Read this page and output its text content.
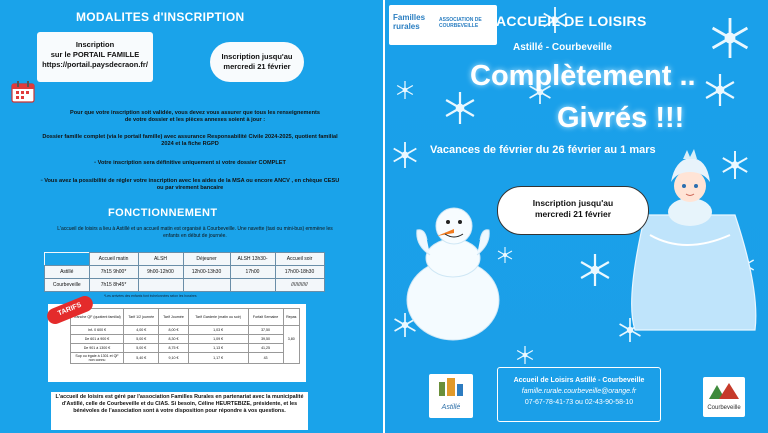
MODALITES d'INSCRIPTION
Inscription
sur le PORTAIL FAMILLE
https://portail.paysdecraon.fr/
Inscription jusqu'au
mercredi 21 février
Pour que votre inscription soit validée, vous devez vous assurer que tous les renseignements de votre dossier et les pièces annexes soient à jour :
Dossier famille complet (via le portail famille) avec assurance Responsabilité Civile 2024-2025, quotient familial 2024 et la fiche RGPD
▫ Votre inscription sera définitive uniquement si votre dossier COMPLET
▫ Vous avez la possibilité de régler votre inscription avec les aides de la MSA ou encore ANCV , en chèque CESU ou par virement bancaire
FONCTIONNEMENT
L'accueil de loisirs a lieu à Astillé et un accueil matin est organisé à Courbeveille. Une navette (taxi ou mini-bus) emmène les enfants en début de journée.
	Accueil matin	ALSH	Déjeuner	ALSH 13h30-	Accueil soir
Astillé	7h15 9h00*	9h00-12h00	12h00-13h30	17h00	17h00-18h30
Courbeveille	7h15 8h45*				////////////
*Les arrivées des enfants font échelonnées selon les horaires
Tranche QF (quotient familial)	Tarif 1/2 journée	Tarif Journée	Tarif Garderie (matin ou soir)	Forfait Semaine	Repas
Inf- 0 600 €	4,00 €	8,00 €	1,03 €	37,50	
De 601 à 900 €	5,00 €	8,30 €	1,09 €	39,50	3,80
De 901 à 1300 €	5,00 €	8,75 €	1,13 €	41,25	
Sup ou égale à 1301 et QF non connu	5,40 €	9,10 €	1,17 €	43	
TARIFS
L'accueil de loisirs est géré par l'association Familles Rurales en partenariat avec la municipalité d'Astillé, celle de Courbeveille et du CIAS. Si besoin, Céline HEURTEBIZE, présidente, et les bénévoles de l'association sont à votre disposition pour répondre à vos questions.
Familles rurales
ASSOCIATION DE COURBEVEILLE	ACCUEIL DE LOISIRS
Astillé - Courbeveille
Complètement ..
Givrés !!!
Vacances de février du 26 février au 1 mars
Inscription jusqu'au
mercredi 21 février
Astillé
Accueil de Loisirs Astillé - Courbeveille
famille.rurale.courbeveille@orange.fr
07-67-78-41-73 ou 02-43-90-58-10
Courbeveille
